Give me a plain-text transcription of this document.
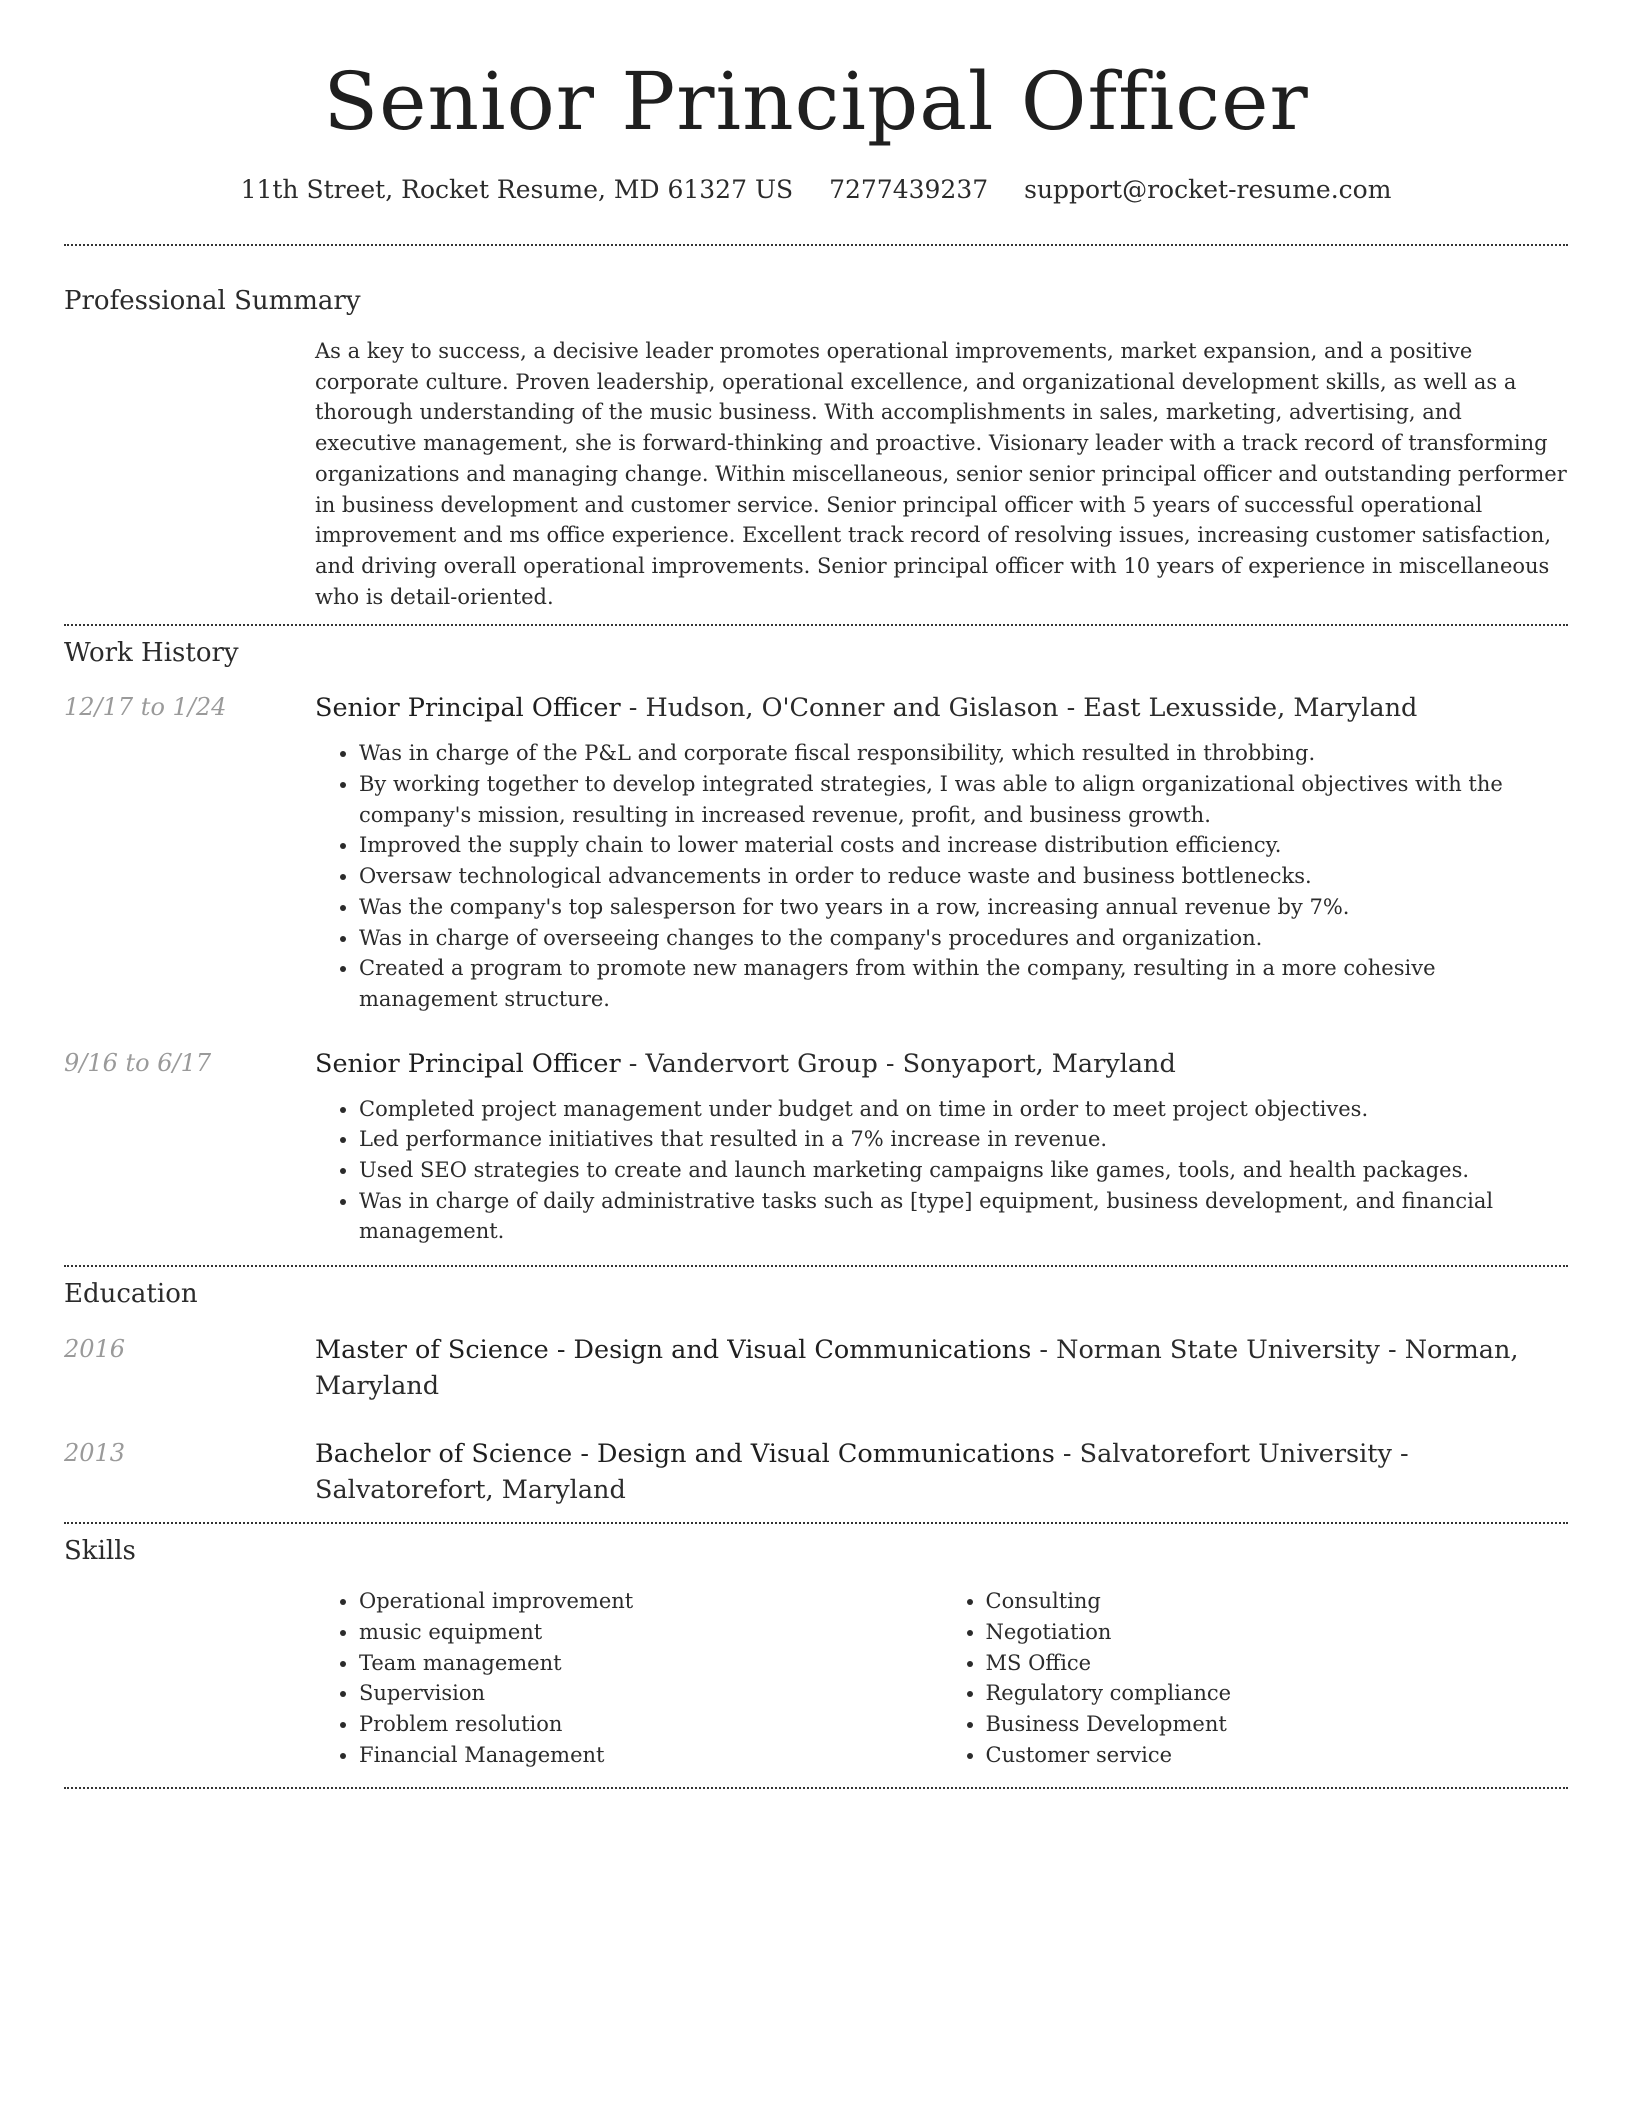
Senior Principal Officer
11th Street, Rocket Resume, MD 61327 US 7277439237 support@rocket-resume.com
Professional Summary

As a key to success, a decisive leader promotes operational improvements, market expansion, and a positive corporate culture. Proven leadership, operational excellence, and organizational development skills, as well as a thorough understanding of the music business. With accomplishments in sales, marketing, advertising, and executive management, she is forward-thinking and proactive. Visionary leader with a track record of transforming organizations and managing change. Within miscellaneous, senior senior principal officer and outstanding performer in business development and customer service. Senior principal officer with 5 years of successful operational improvement and ms office experience. Excellent track record of resolving issues, increasing customer satisfaction, and driving overall operational improvements. Senior principal officer with 10 years of experience in miscellaneous who is detail-oriented.

Work History
12/17 to 1/24	Senior Principal Officer - Hudson, O'Conner and Gislason - East Lexusside, Maryland
• Was in charge of the P&L and corporate fiscal responsibility, which resulted in throbbing.
• By working together to develop integrated strategies, I was able to align organizational objectives with the company's mission, resulting in increased revenue, profit, and business growth.
• Improved the supply chain to lower material costs and increase distribution efficiency.
• Oversaw technological advancements in order to reduce waste and business bottlenecks.
• Was the company's top salesperson for two years in a row, increasing annual revenue by 7%.
• Was in charge of overseeing changes to the company's procedures and organization.
• Created a program to promote new managers from within the company, resulting in a more cohesive management structure.
9/16 to 6/17	Senior Principal Officer - Vandervort Group - Sonyaport, Maryland
• Completed project management under budget and on time in order to meet project objectives.
• Led performance initiatives that resulted in a 7% increase in revenue.
• Used SEO strategies to create and launch marketing campaigns like games, tools, and health packages.
• Was in charge of daily administrative tasks such as [type] equipment, business development, and financial management.
Education
2016	Master of Science - Design and Visual Communications - Norman State University - Norman, Maryland
2013	Bachelor of Science - Design and Visual Communications - Salvatorefort University - Salvatorefort, Maryland
Skills
• Operational improvement
• music equipment
• Team management
• Supervision
• Problem resolution
• Financial Management
• Consulting
• Negotiation
• MS Office
• Regulatory compliance
• Business Development
• Customer service
